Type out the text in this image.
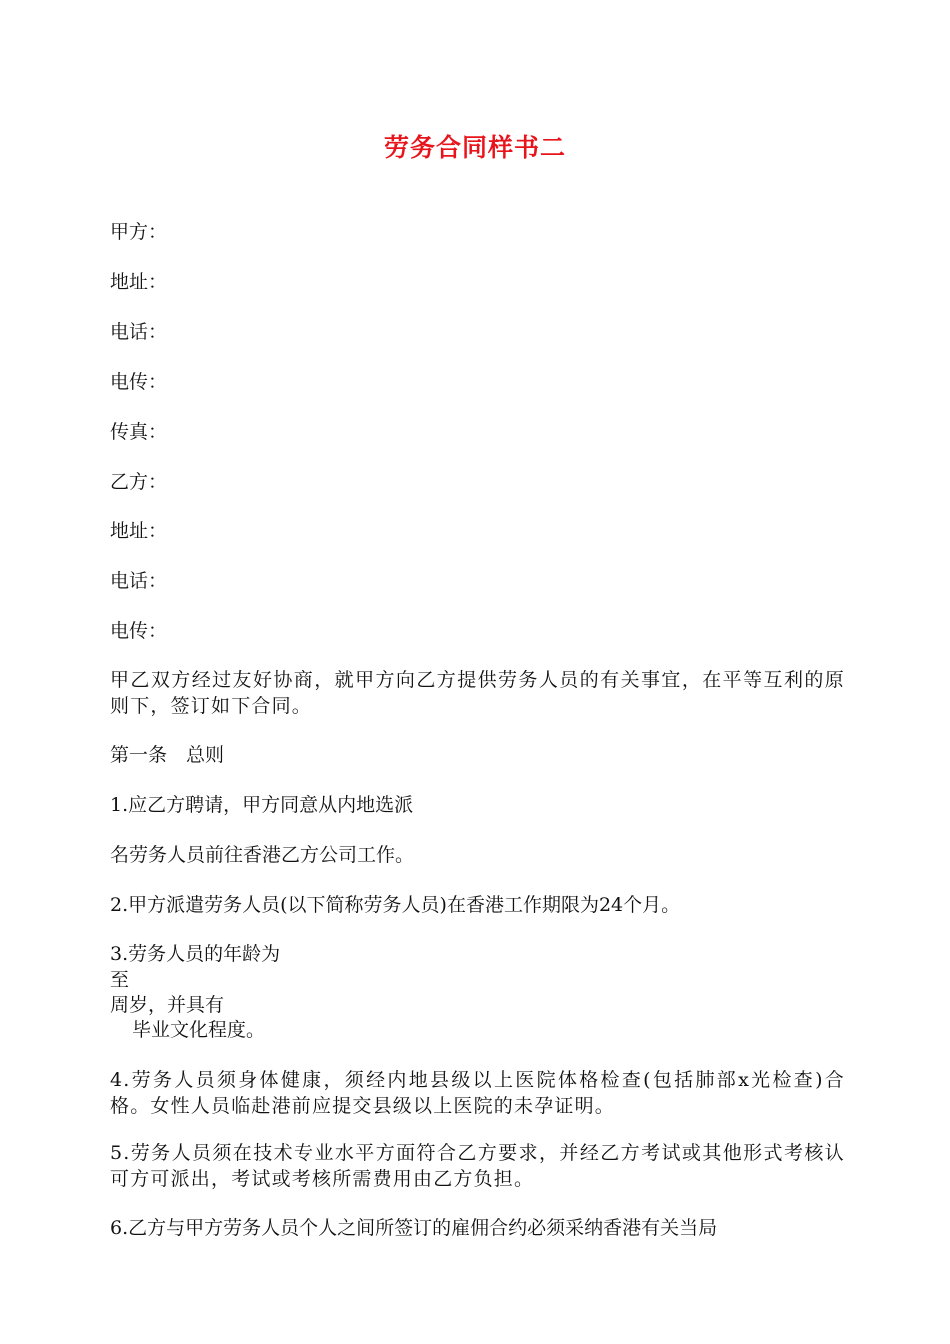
劳务合同样书二
甲方：
地址：
电话：
电传：
传真：
乙方：
地址：
电话：
电传：
甲乙双方经过友好协商，就甲方向乙方提供劳务人员的有关事宜，在平等互利的原则下，签订如下合同。
第一条　总则
1.应乙方聘请，甲方同意从内地选派
名劳务人员前往香港乙方公司工作。
2.甲方派遣劳务人员(以下简称劳务人员)在香港工作期限为24个月。
3.劳务人员的年龄为
至
周岁，并具有
毕业文化程度。
4.劳务人员须身体健康，须经内地县级以上医院体格检查(包括肺部x光检查)合格。女性人员临赴港前应提交县级以上医院的未孕证明。
5.劳务人员须在技术专业水平方面符合乙方要求，并经乙方考试或其他形式考核认可方可派出，考试或考核所需费用由乙方负担。
6.乙方与甲方劳务人员个人之间所签订的雇佣合约必须采纳香港有关当局
